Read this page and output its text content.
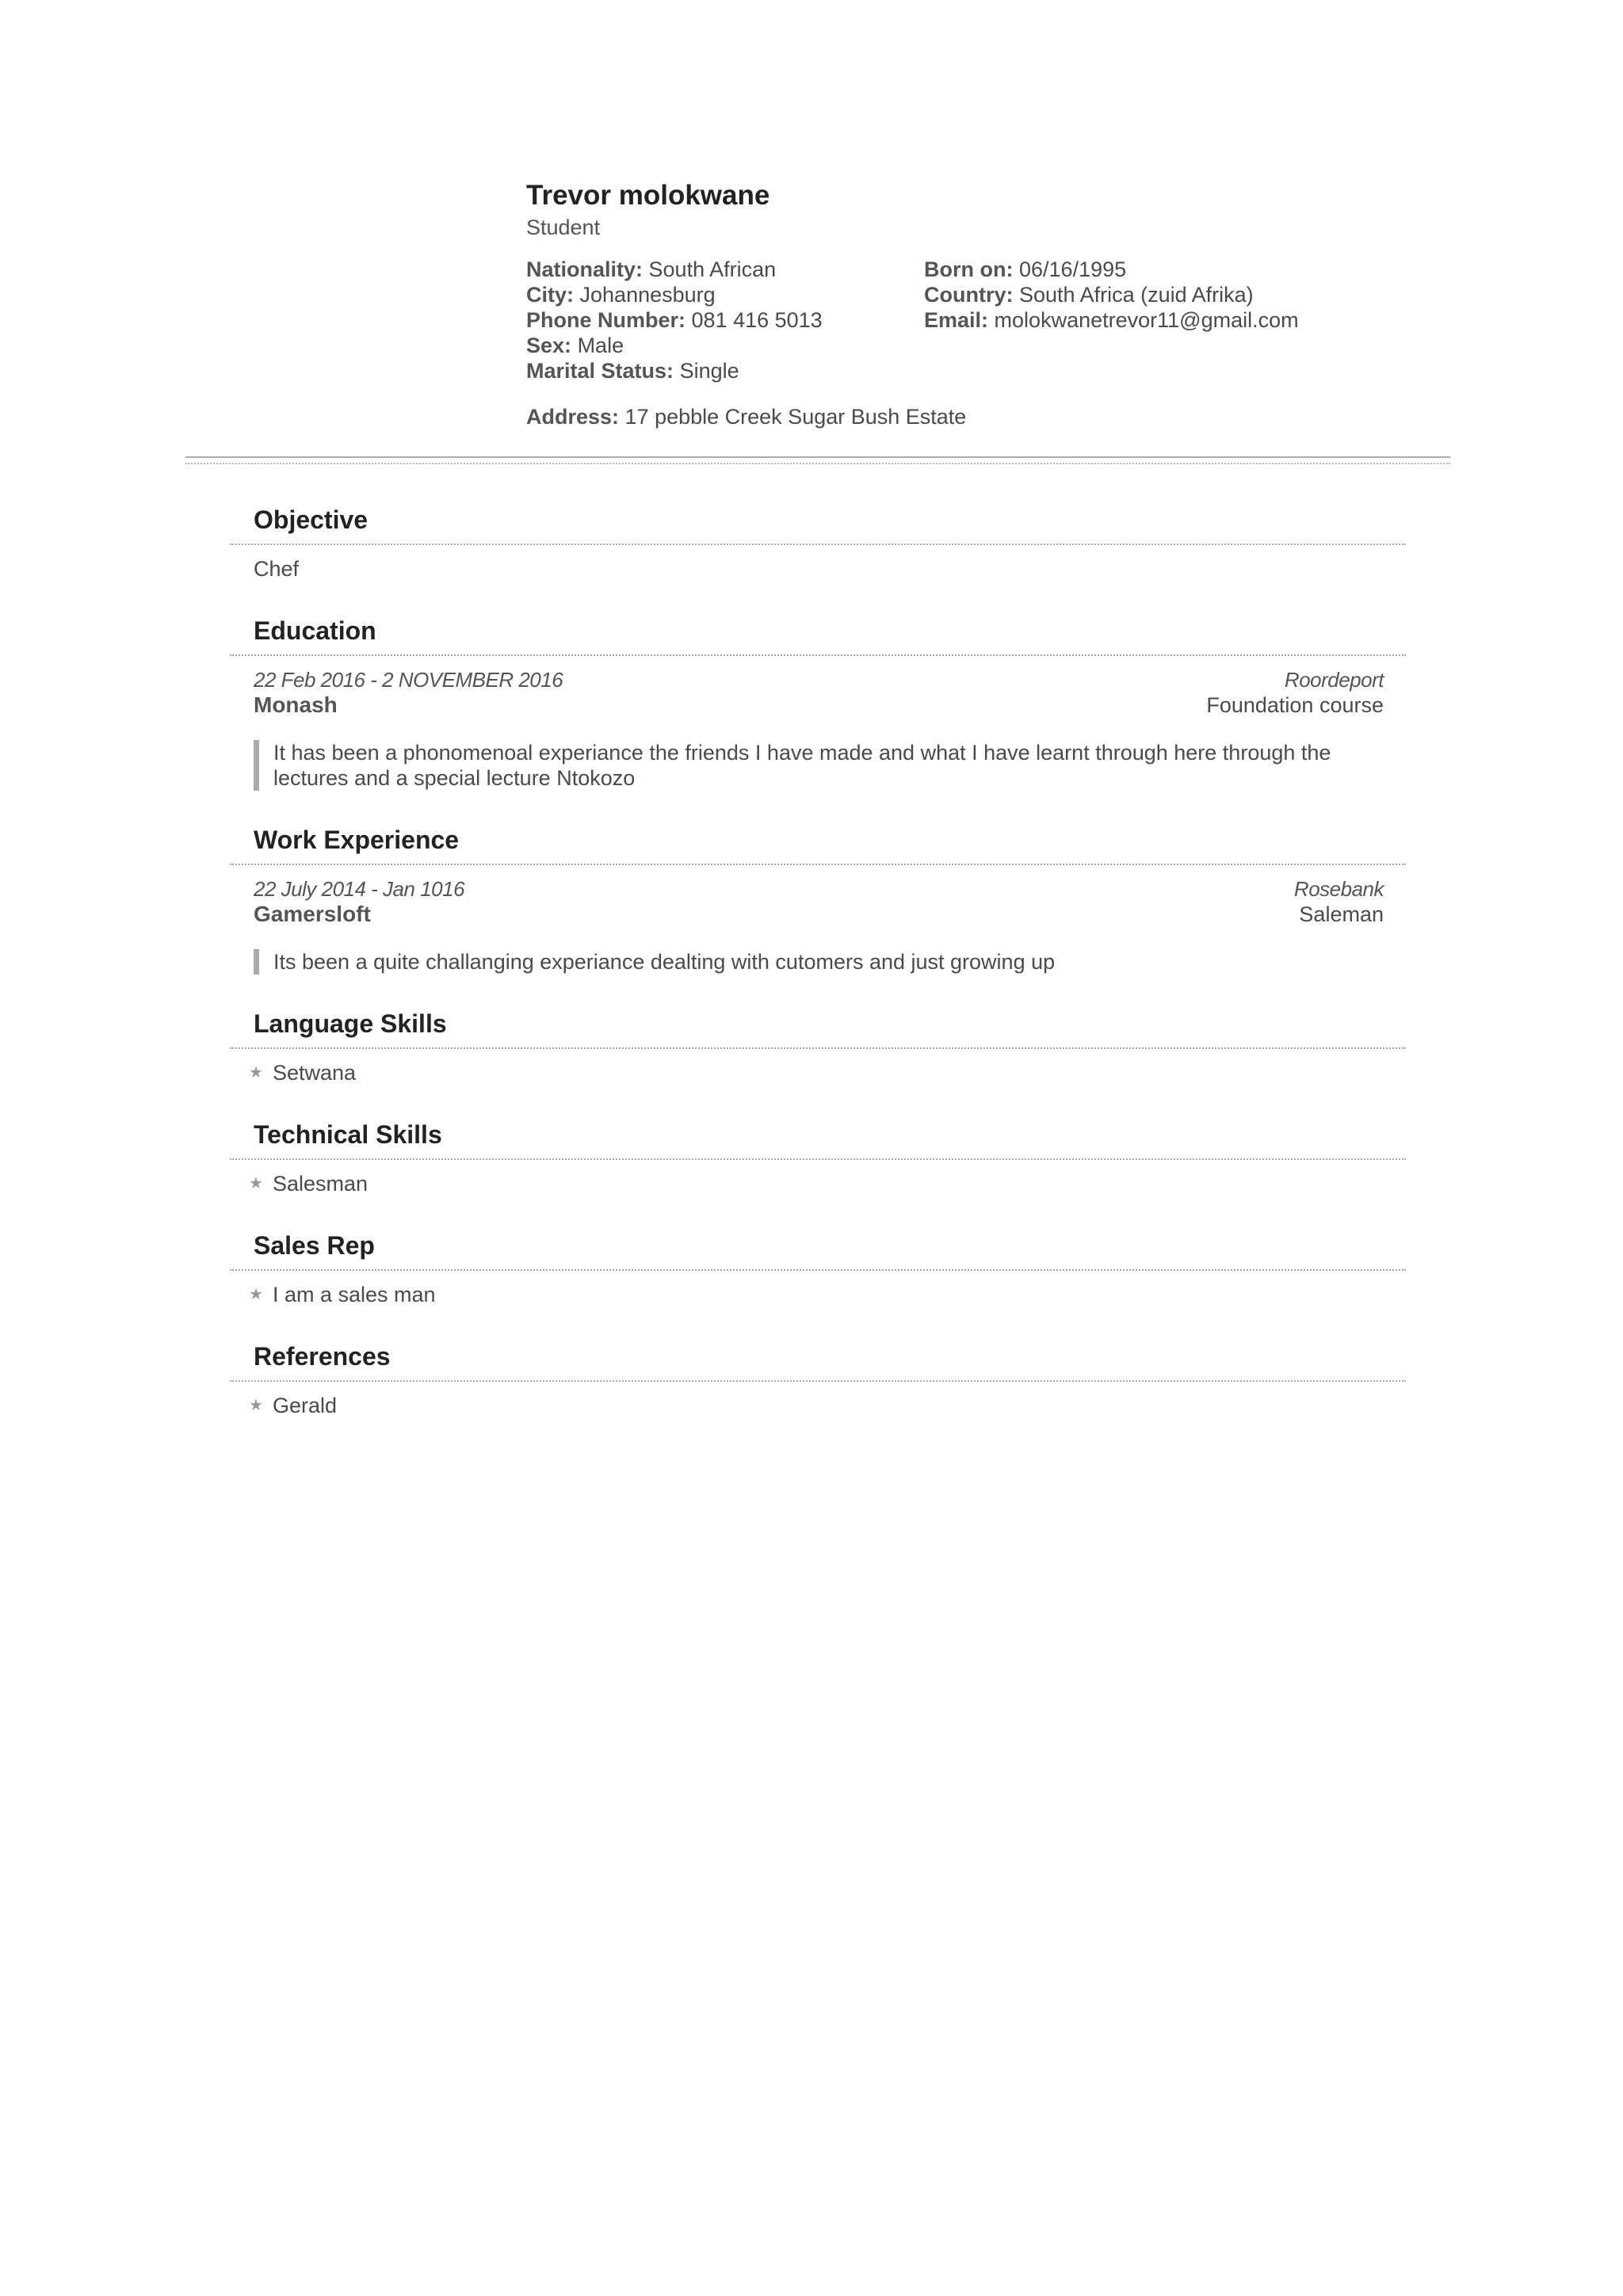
Trevor molokwane
Student
Nationality: South African
City: Johannesburg
Phone Number: 081 416 5013
Sex: Male
Marital Status: Single
Born on: 06/16/1995
Country: South Africa (zuid Afrika)
Email: molokwanetrevor11@gmail.com
Address: 17 pebble Creek Sugar Bush Estate
Objective
Chef
Education
22 Feb 2016 - 2 NOVEMBER 2016
Monash
Roordeport
Foundation course
It has been a phonomenoal experiance the friends I have made and what I have learnt through here through the lectures and a special lecture Ntokozo
Work Experience
22 July 2014 - Jan 1016
Gamersloft
Rosebank
Saleman
Its been a quite challanging experiance dealting with cutomers and just growing up
Language Skills
★ Setwana
Technical Skills
★ Salesman
Sales Rep
★ I am a sales man
References
★ Gerald
